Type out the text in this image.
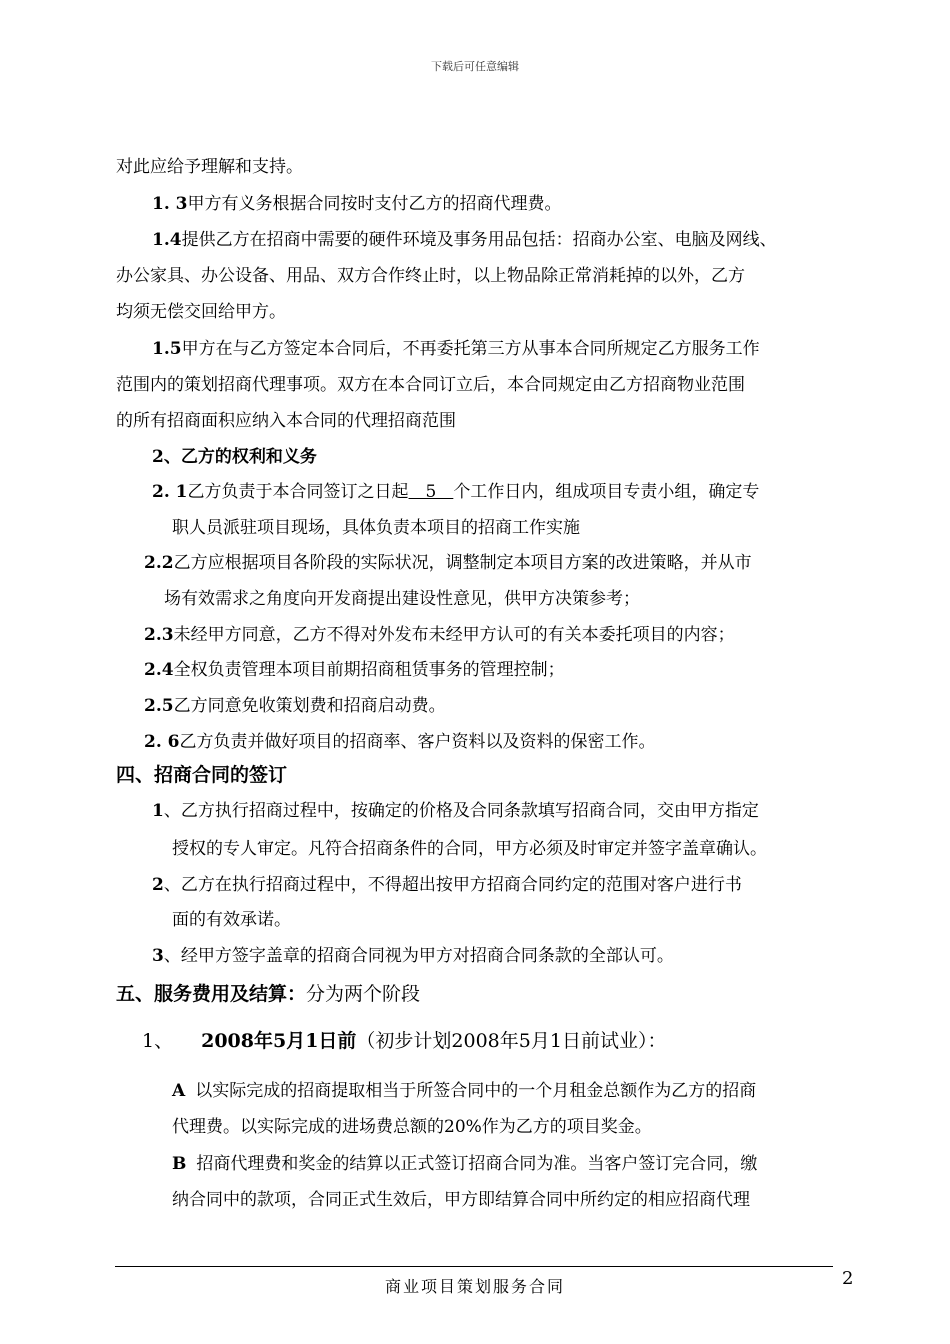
下载后可任意编辑
对此应给予理解和支持。
1. 3甲方有义务根据合同按时支付乙方的招商代理费。
1.4提供乙方在招商中需要的硬件环境及事务用品包括：招商办公室、电脑及网线、
办公家具、办公设备、用品、双方合作终止时，以上物品除正常消耗掉的以外，乙方
均须无偿交回给甲方。
1.5甲方在与乙方签定本合同后，不再委托第三方从事本合同所规定乙方服务工作
范围内的策划招商代理事项。双方在本合同订立后，本合同规定由乙方招商物业范围
的所有招商面积应纳入本合同的代理招商范围
2、乙方的权利和义务
2. 1乙方负责于本合同签订之日起　5　个工作日内，组成项目专责小组，确定专
职人员派驻项目现场，具体负责本项目的招商工作实施
2.2乙方应根据项目各阶段的实际状况，调整制定本项目方案的改进策略，并从市
场有效需求之角度向开发商提出建设性意见，供甲方决策参考；
2.3未经甲方同意，乙方不得对外发布未经甲方认可的有关本委托项目的内容；
2.4全权负责管理本项目前期招商租赁事务的管理控制；
2.5乙方同意免收策划费和招商启动费。
2. 6乙方负责并做好项目的招商率、客户资料以及资料的保密工作。
四、招商合同的签订
1、乙方执行招商过程中，按确定的价格及合同条款填写招商合同，交由甲方指定
授权的专人审定。凡符合招商条件的合同，甲方必须及时审定并签字盖章确认。
2、乙方在执行招商过程中，不得超出按甲方招商合同约定的范围对客户进行书
面的有效承诺。
3、经甲方签字盖章的招商合同视为甲方对招商合同条款的全部认可。
五、服务费用及结算：分为两个阶段
1、 2008年5月1日前（初步计划2008年5月1日前试业）：
A 以实际完成的招商提取相当于所签合同中的一个月租金总额作为乙方的招商
代理费。以实际完成的进场费总额的20%作为乙方的项目奖金。
B 招商代理费和奖金的结算以正式签订招商合同为准。当客户签订完合同，缴
纳合同中的款项，合同正式生效后，甲方即结算合同中所约定的相应招商代理
商业项目策划服务合同	2
